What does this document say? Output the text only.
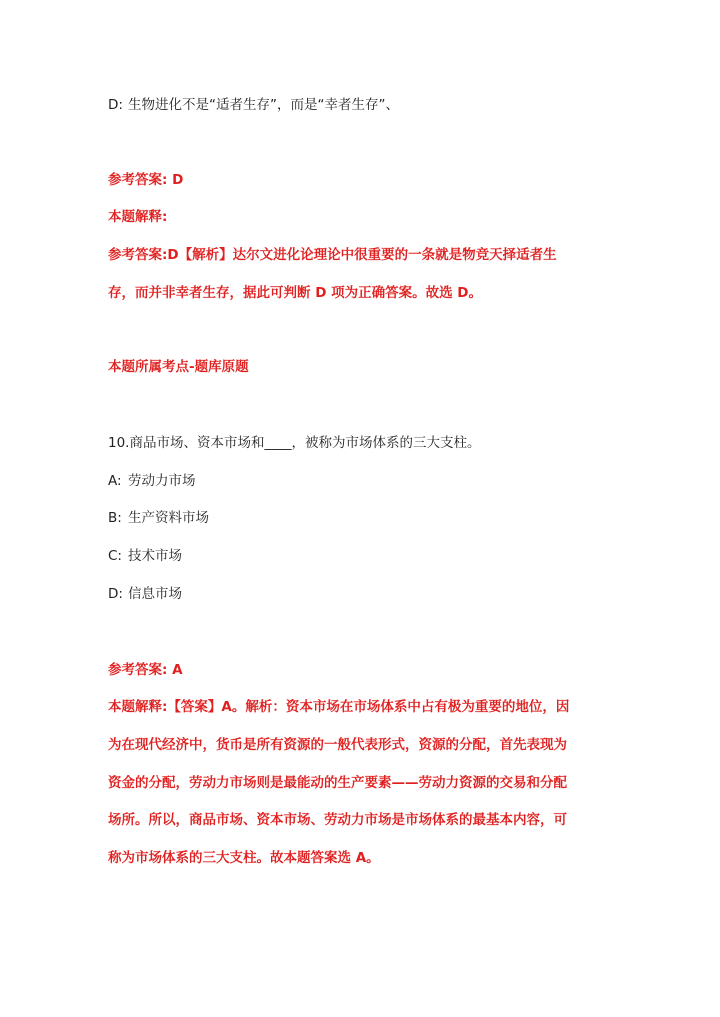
D: 生物进化不是“适者生存”，而是“幸者生存”、
参考答案: D
本题解释:
参考答案:D【解析】达尔文进化论理论中很重要的一条就是物竞天择适者生
存，而并非幸者生存，据此可判断 D 项为正确答案。故选 D。
本题所属考点-题库原题
10.商品市场、资本市场和____，被称为市场体系的三大支柱。
A: 劳动力市场
B: 生产资料市场
C: 技术市场
D: 信息市场
参考答案: A
本题解释:【答案】A。解析：资本市场在市场体系中占有极为重要的地位，因
为在现代经济中，货币是所有资源的一般代表形式，资源的分配，首先表现为
资金的分配，劳动力市场则是最能动的生产要素——劳动力资源的交易和分配
场所。所以，商品市场、资本市场、劳动力市场是市场体系的最基本内容，可
称为市场体系的三大支柱。故本题答案选 A。
